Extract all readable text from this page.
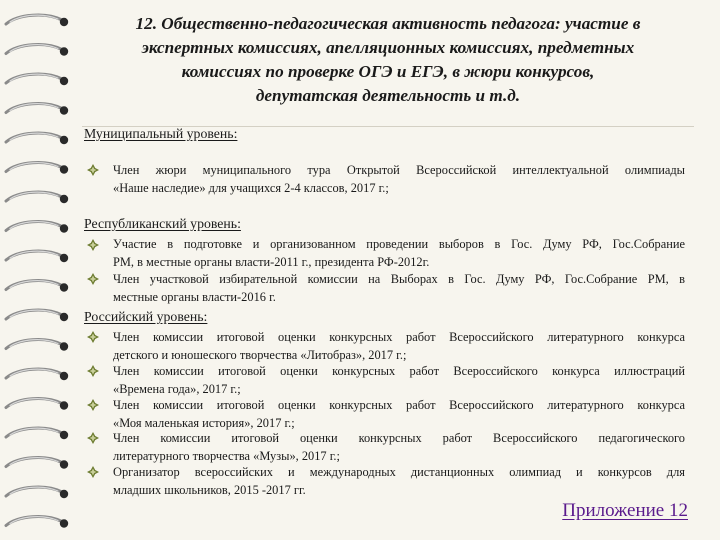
12. Общественно-педагогическая активность педагога: участие в
экспертных комиссиях, апелляционных комиссиях, предметных
комиссиях по проверке ОГЭ и ЕГЭ, в жюри конкурсов,
депутатская деятельность и т.д.
Муниципальный уровень:
Член жюри муниципального тура Открытой Всероссийской интеллектуальной олимпиады
«Наше наследие» для учащихся 2-4 классов, 2017 г.;
Республиканский уровень:
Участие в подготовке и организованном проведении выборов в Гос. Думу РФ, Гос.Собрание
РМ, в местные органы власти-2011 г., президента РФ-2012г.
Член участковой избирательной комиссии на Выборах в Гос. Думу РФ, Гос.Собрание РМ, в
местные органы власти-2016 г.
Российский уровень:
Член комиссии итоговой оценки конкурсных работ Всероссийского литературного конкурса
детского и юношеского творчества «Литобраз», 2017 г.;
Член комиссии итоговой оценки конкурсных работ Всероссийского конкурса иллюстраций
«Времена года», 2017 г.;
Член комиссии итоговой оценки конкурсных работ Всероссийского литературного конкурса
«Моя маленькая история», 2017 г.;
Член комиссии итоговой оценки конкурсных работ Всероссийского педагогического
литературного творчества «Музы», 2017 г.;
Организатор всероссийских и международных дистанционных олимпиад и конкурсов для
младших школьников, 2015 -2017 гг.
Приложение 12
